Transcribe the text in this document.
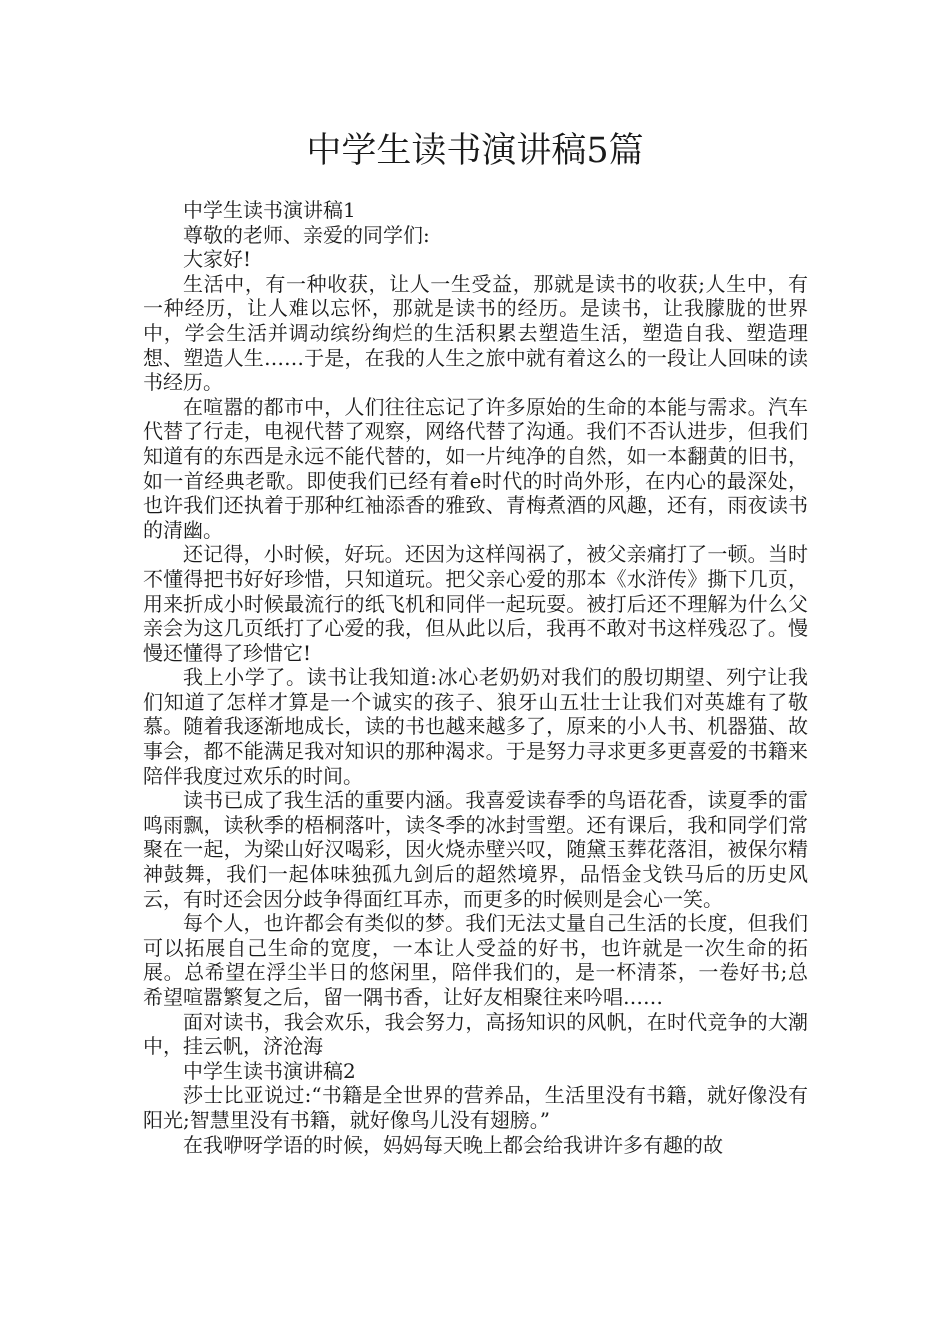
中学生读书演讲稿5篇

中学生读书演讲稿1

尊敬的老师、亲爱的同学们:

大家好!

生活中，有一种收获，让人一生受益，那就是读书的收获;人生中，有一种经历，让人难以忘怀，那就是读书的经历。是读书，让我朦胧的世界中，学会生活并调动缤纷绚烂的生活积累去塑造生活，塑造自我、塑造理想、塑造人生……于是，在我的人生之旅中就有着这么的一段让人回味的读书经历。

在喧嚣的都市中，人们往往忘记了许多原始的生命的本能与需求。汽车代替了行走，电视代替了观察，网络代替了沟通。我们不否认进步，但我们知道有的东西是永远不能代替的，如一片纯净的自然，如一本翻黄的旧书，如一首经典老歌。即使我们已经有着e时代的时尚外形，在内心的最深处，也许我们还执着于那种红袖添香的雅致、青梅煮酒的风趣，还有，雨夜读书的清幽。

还记得，小时候，好玩。还因为这样闯祸了，被父亲痛打了一顿。当时不懂得把书好好珍惜，只知道玩。把父亲心爱的那本《水浒传》撕下几页，用来折成小时候最流行的纸飞机和同伴一起玩耍。被打后还不理解为什么父亲会为这几页纸打了心爱的我，但从此以后，我再不敢对书这样残忍了。慢慢还懂得了珍惜它!

我上小学了。读书让我知道:冰心老奶奶对我们的殷切期望、列宁让我们知道了怎样才算是一个诚实的孩子、狼牙山五壮士让我们对英雄有了敬慕。随着我逐渐地成长，读的书也越来越多了，原来的小人书、机器猫、故事会，都不能满足我对知识的那种渴求。于是努力寻求更多更喜爱的书籍来陪伴我度过欢乐的时间。

读书已成了我生活的重要内涵。我喜爱读春季的鸟语花香，读夏季的雷鸣雨飘，读秋季的梧桐落叶，读冬季的冰封雪塑。还有课后，我和同学们常聚在一起，为梁山好汉喝彩，因火烧赤壁兴叹，随黛玉葬花落泪，被保尔精神鼓舞，我们一起体味独孤九剑后的超然境界，品悟金戈铁马后的历史风云，有时还会因分歧争得面红耳赤，而更多的时候则是会心一笑。

每个人，也许都会有类似的梦。我们无法丈量自己生活的长度，但我们可以拓展自己生命的宽度，一本让人受益的好书，也许就是一次生命的拓展。总希望在浮尘半日的悠闲里，陪伴我们的，是一杯清茶，一卷好书;总希望喧嚣繁复之后，留一隅书香，让好友相聚往来吟唱……

面对读书，我会欢乐，我会努力，高扬知识的风帆，在时代竞争的大潮中，挂云帆，济沧海

中学生读书演讲稿2

莎士比亚说过:“书籍是全世界的营养品，生活里没有书籍，就好像没有阳光;智慧里没有书籍，就好像鸟儿没有翅膀。”

在我咿呀学语的时候，妈妈每天晚上都会给我讲许多有趣的故
